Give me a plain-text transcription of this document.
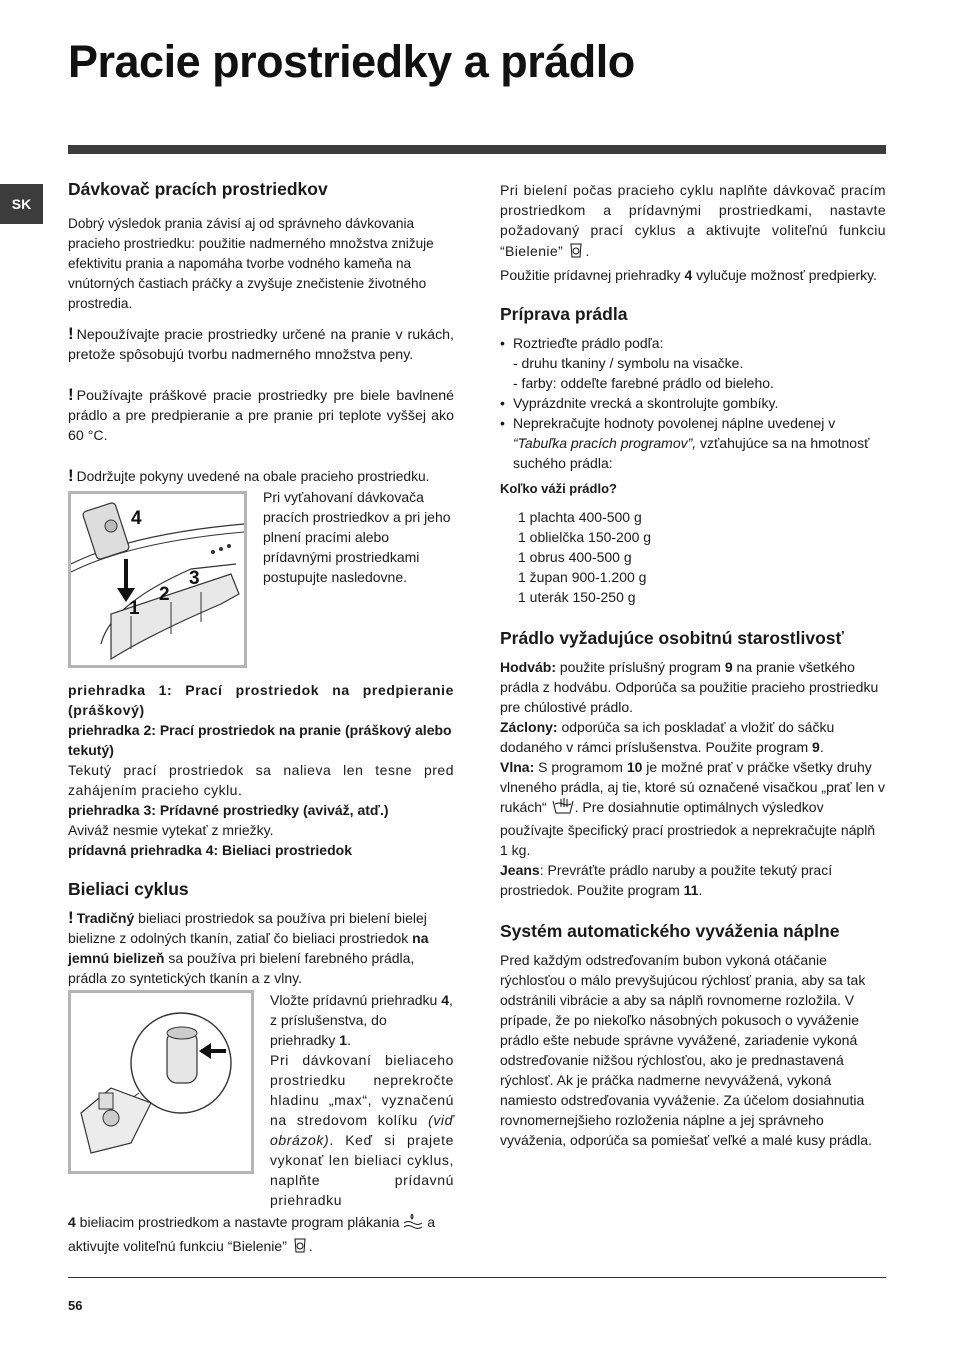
Pracie prostriedky a prádlo
SK
Dávkovač pracích prostriedkov

Dobrý výsledok prania závisí aj od správneho dávkovania pracieho prostriedku: použitie nadmerného množstva znižuje efektivitu prania a napomáha tvorbe vodného kameňa na vnútorných častiach práčky a zvyšuje znečistenie životného prostredia.

! Nepoužívajte pracie prostriedky určené na pranie v rukách, pretože spôsobujú tvorbu nadmerného množstva peny.

! Používajte práškové pracie prostriedky pre biele bavlnené prádlo a pre predpieranie a pre pranie pri teplote vyššej ako 60 °C.

! Dodržujte pokyny uvedené na obale pracieho prostriedku.

4
1
2
3

Pri vyťahovaní dávkovača pracích prostriedkov a pri jeho plnení pracími alebo prídavnými prostriedkami postupujte nasledovne.

priehradka 1: Prací prostriedok na predpieranie (práškový)

priehradka 2: Prací prostriedok na pranie (práškový alebo tekutý)

Tekutý prací prostriedok sa nalieva len tesne pred zahájením pracieho cyklu.

priehradka 3: Prídavné prostriedky (aviváž, atď.)

Aviváž nesmie vytekať z mriežky.

prídavná priehradka 4: Bieliaci prostriedok

Bieliaci cyklus

! Tradičný bieliaci prostriedok sa používa pri bielení bielej bielizne z odolných tkanín, zatiaľ čo bieliaci prostriedok na jemnú bielizeň sa používa pri bielení farebného prádla, prádla zo syntetických tkanín a z vlny.

Vložte prídavnú priehradku 4, z príslušenstva, do priehradky 1.

Pri dávkovaní bieliaceho prostriedku neprekročte hladinu „max“, vyznačenú na stredovom kolíku (viď obrázok). Keď si prajete vykonať len bieliaci cyklus, naplňte prídavnú priehradku

4 bieliacim prostriedkom a nastavte program plákania  a aktivujte voliteľnú funkciu “Bielenie” .

Pri bielení počas pracieho cyklu naplňte dávkovač pracím prostriedkom a prídavnými prostriedkami, nastavte požadovaný prací cyklus a aktivujte voliteľnú funkciu “Bielenie” .

Použitie prídavnej priehradky 4 vylučuje možnosť predpierky.

Príprava prádla
• Roztrieďte prádlo podľa:
- druhu tkaniny / symbolu na visačke.
- farby: oddeľte farebné prádlo od bieleho.
• Vyprázdnite vrecká a skontrolujte gombíky.
• Neprekračujte hodnoty povolenej náplne uvedenej v “Tabuľka pracích programov”, vzťahujúce sa na hmotnosť suchého prádla:

Koľko váži prádlo?

1 plachta 400-500 g

1 oblielčka 150-200 g

1 obrus 400-500 g

1 župan 900-1.200 g

1 uterák 150-250 g

Prádlo vyžadujúce osobitnú starostlivosť

Hodváb: použite príslušný program 9 na pranie všetkého prádla z hodvábu. Odporúča sa použitie pracieho prostriedku pre chúlostivé prádlo.

Záclony: odporúča sa ich poskladať a vložiť do sáčku dodaného v rámci príslušenstva. Použite program 9.

Vlna: S programom 10 je možné prať v práčke všetky druhy vlneného prádla, aj tie, ktoré sú označené visačkou „prať len v rukách“ . Pre dosiahnutie optimálnych výsledkov používajte špecifický prací prostriedok a neprekračujte náplň 1 kg.

Jeans: Prevráťte prádlo naruby a použite tekutý prací prostriedok. Použite program 11.

Systém automatického vyváženia náplne

Pred každým odstreďovaním bubon vykoná otáčanie rýchlosťou o málo prevyšujúcou rýchlosť prania, aby sa tak odstránili vibrácie a aby sa náplň rovnomerne rozložila. V prípade, že po niekoľko násobných pokusoch o vyváženie prádlo ešte nebude správne vyvážené, zariadenie vykoná odstreďovanie nižšou rýchlosťou, ako je prednastavená rýchlosť. Ak je práčka nadmerne nevyvážená, vykoná namiesto odstreďovania vyváženie. Za účelom dosiahnutia rovnomernejšieho rozloženia náplne a jej správneho vyváženia, odporúča sa pomiešať veľké a malé kusy prádla.

56
